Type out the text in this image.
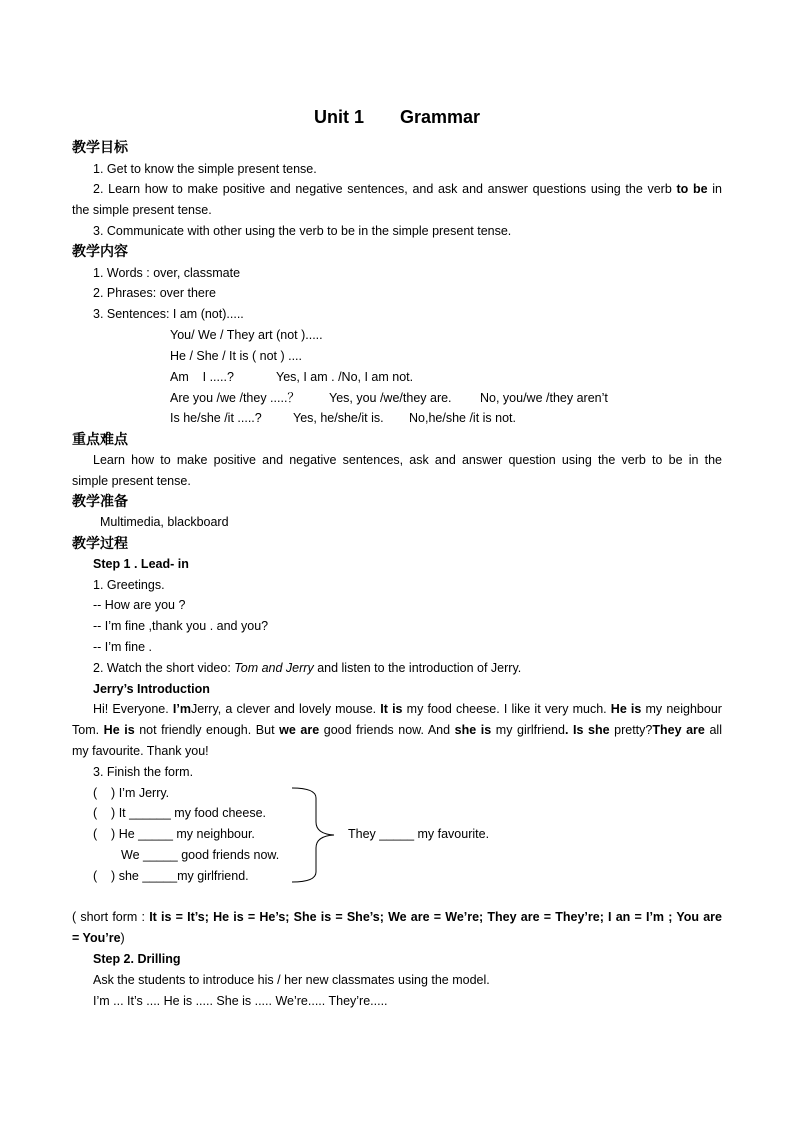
Unit 1 Grammar
教学目标
1. Get to know the simple present tense.
2. Learn how to make positive and negative sentences, and ask and answer questions using the verb to be in
the simple present tense.
3. Communicate with other using the verb to be in the simple present tense.
教学内容
1. Words : over, classmate
2. Phrases: over there
3. Sentences: I am (not).....
You/ We / They art (not ).....
He / She / It is ( not ) ....
Am    I .....?	Yes, I am . /No, I am not.
Are you /we /they .....？ Yes, you /we/they are. No, you/we /they aren’t
Is he/she /it .....?	Yes, he/she/it is. No,he/she /it is not.
重点难点
Learn how to make positive and negative sentences, ask and answer question using the verb to be in the
simple present tense.
教学准备
Multimedia, blackboard
教学过程
Step 1 . Lead- in
1. Greetings.
-- How are you ?
-- I’m fine ,thank you . and you?
-- I’m fine .
2. Watch the short video: Tom and Jerry and listen to the introduction of Jerry.
Jerry’s Introduction
Hi! Everyone. I’mJerry, a clever and lovely mouse. It is my food cheese. I like it very much. He is my neighbour
Tom. He is not friendly enough. But we are good friends now. And she is my girlfriend. Is she pretty?They are all
my favourite. Thank you!
3. Finish the form.
(    ) I’m Jerry.
(    ) It ______ my food cheese.
(    ) He _____ my neighbour.
We _____ good friends now.
(    ) she _____my girlfriend.
They _____ my favourite.
( short form : It is = It’s; He is = He’s; She is = She’s; We are = We’re; They are = They’re; I an = I’m ; You are
= You’re)
Step 2. Drilling
Ask the students to introduce his / her new classmates using the model.
I’m ... It’s .... He is ..... She is ..... We’re..... They’re.....
